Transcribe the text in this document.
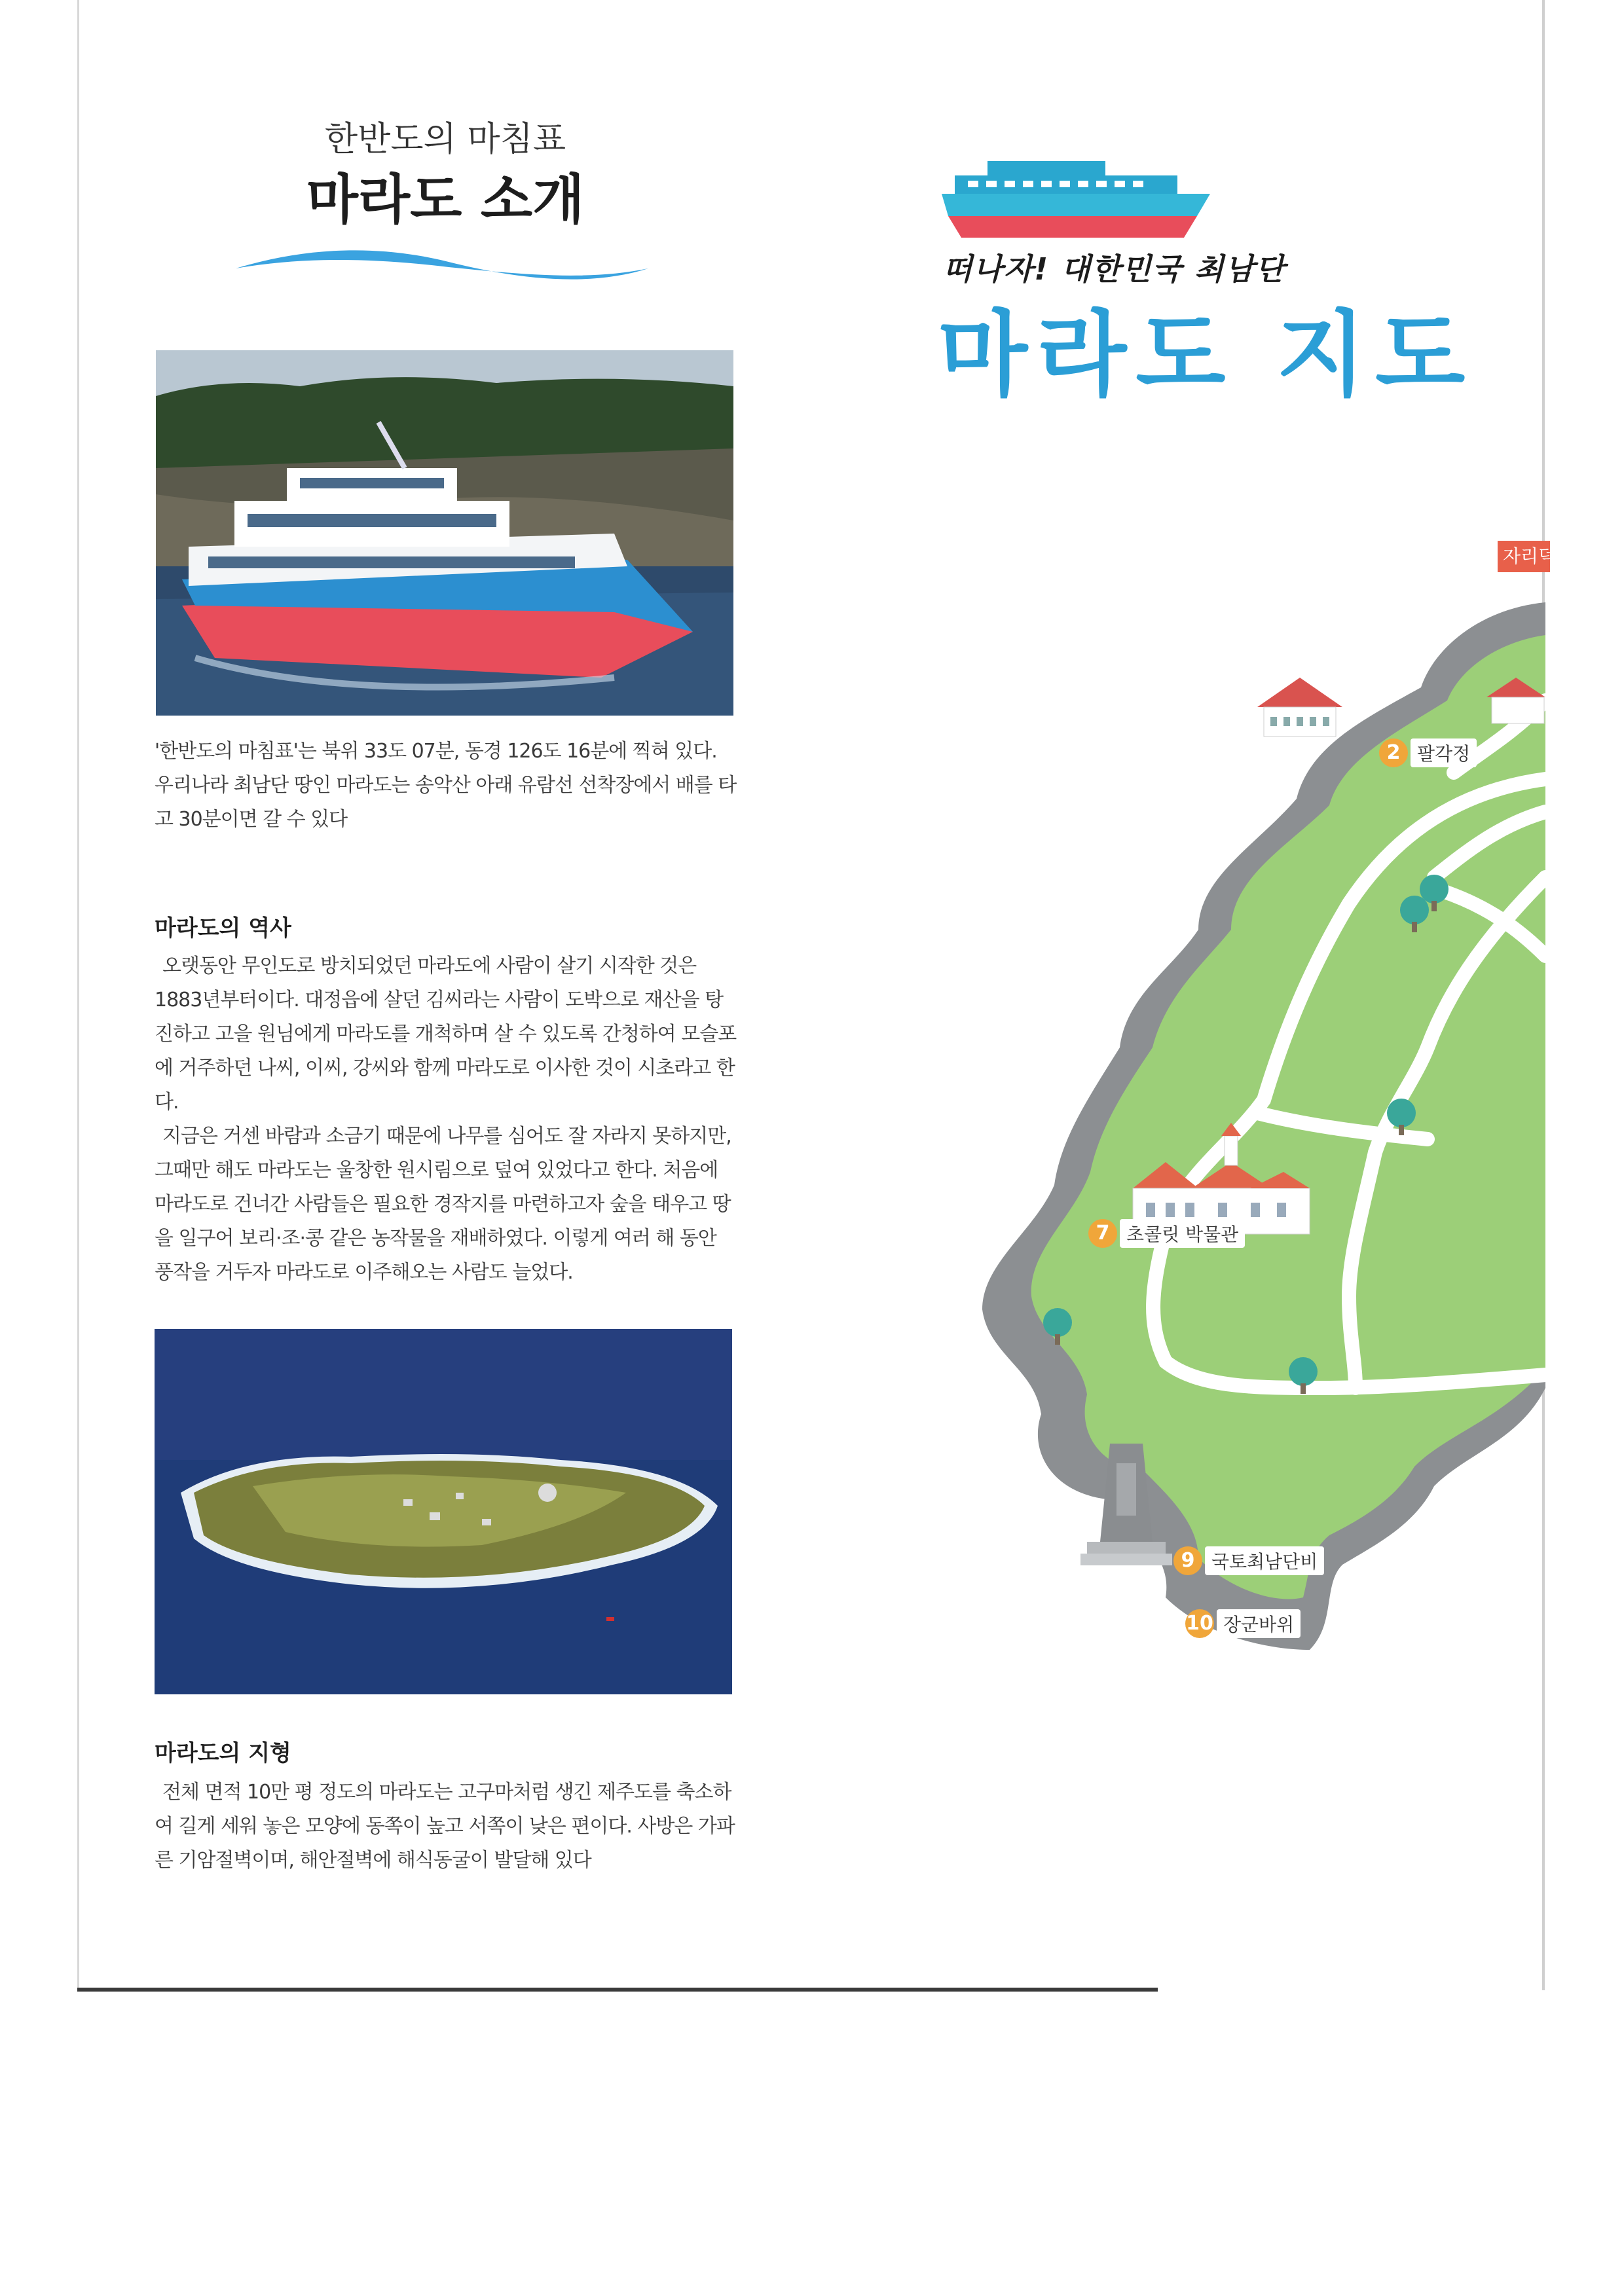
한반도의 마침표
마라도 소개
'한반도의 마침표'는 북위 33도 07분, 동경 126도 16분에 찍혀 있다. 우리나라 최남단 땅인 마라도는 송악산 아래 유람선 선착장에서 배를 타고 30분이면 갈 수 있다
마라도의 역사
오랫동안 무인도로 방치되었던 마라도에 사람이 살기 시작한 것은 1883년부터이다. 대정읍에 살던 김씨라는 사람이 도박으로 재산을 탕진하고 고을 원님에게 마라도를 개척하며 살 수 있도록 간청하여 모슬포에 거주하던 나씨, 이씨, 강씨와 함께 마라도로 이사한 것이 시초라고 한다.
지금은 거센 바람과 소금기 때문에 나무를 심어도 잘 자라지 못하지만, 그때만 해도 마라도는 울창한 원시림으로 덮여 있었다고 한다. 처음에 마라도로 건너간 사람들은 필요한 경작지를 마련하고자 숲을 태우고 땅을 일구어 보리·조·콩 같은 농작물을 재배하였다. 이렇게 여러 해 동안 풍작을 거두자 마라도로 이주해오는 사람도 늘었다.
마라도의 지형
전체 면적 10만 평 정도의 마라도는 고구마처럼 생긴 제주도를 축소하여 길게 세워 놓은 모양에 동쪽이 높고 서쪽이 낮은 편이다. 사방은 가파른 기암절벽이며, 해안절벽에 해식동굴이 발달해 있다
떠나자! 대한민국 최남단
마라도 지도
자리덕
2 팔각정
7 초콜릿 박물관
9 국토최남단비
10 장군바위
